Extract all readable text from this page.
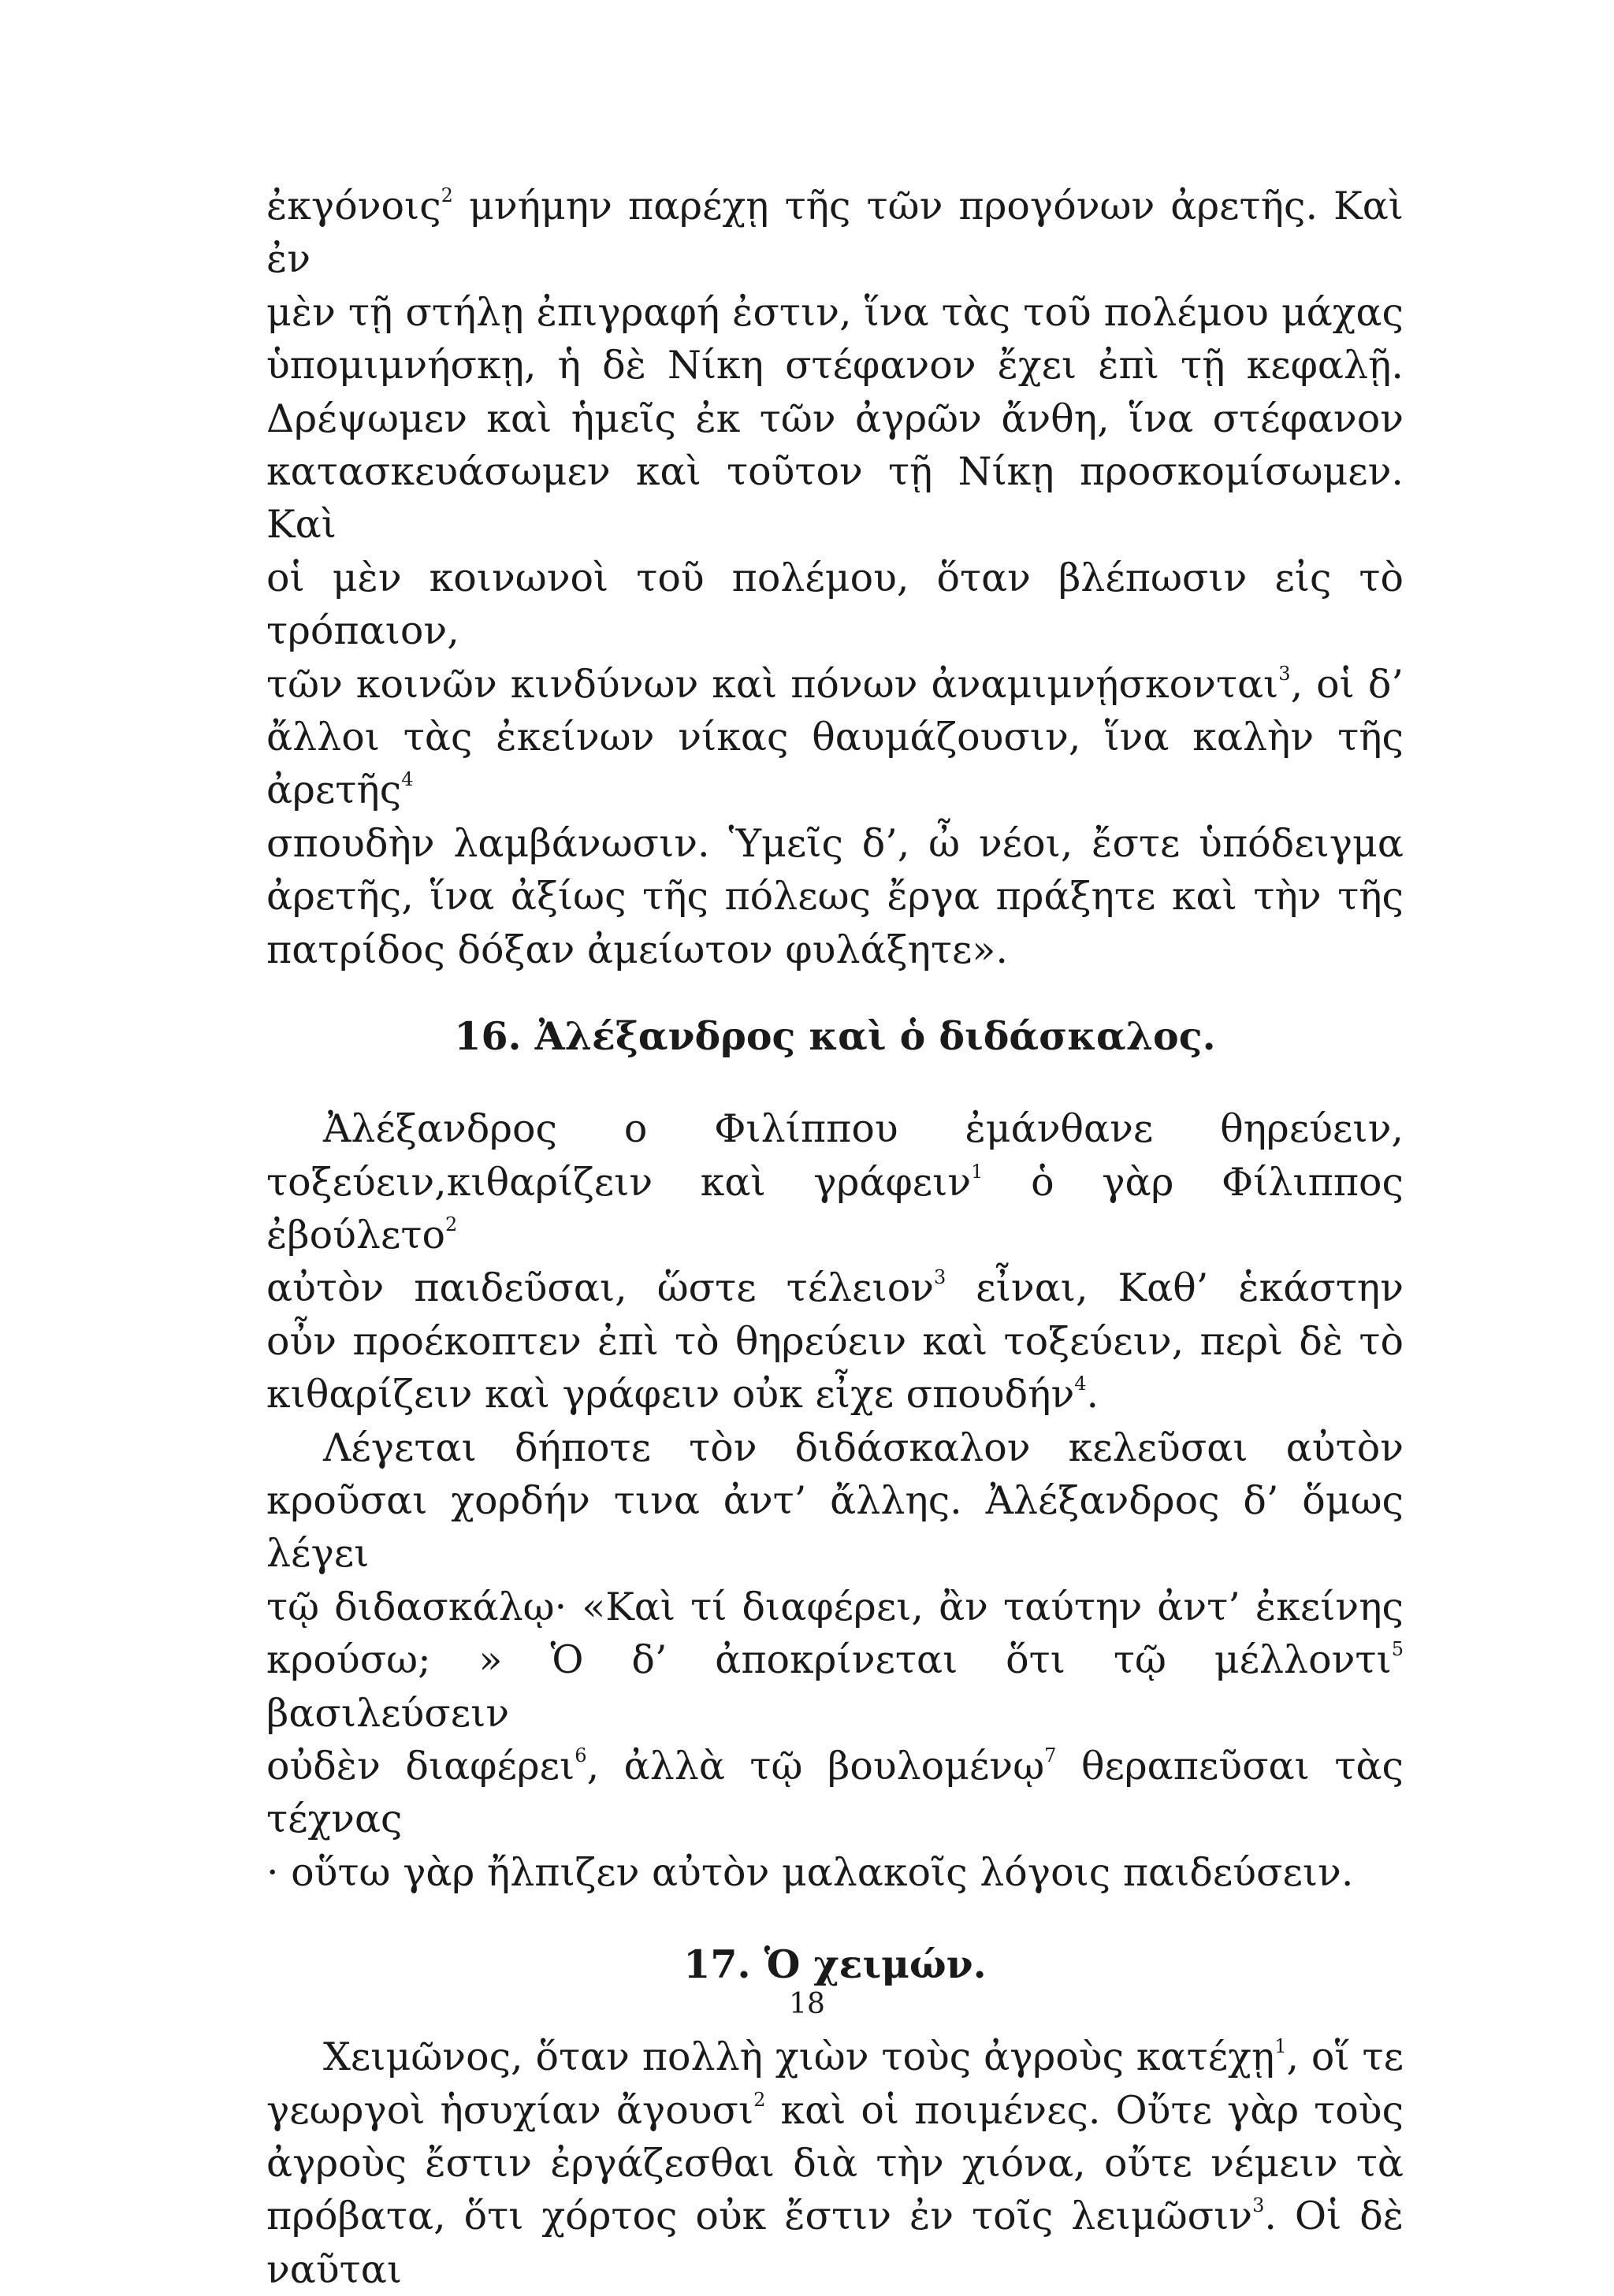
ἐκγόνοις$^2$ μνήμην παρέχῃ τῆς τῶν προγόνων ἀρετῆς. Καὶ ἐν

μὲν τῇ στήλῃ ἐπιγραφή ἐστιν, ἵνα τὰς τοῦ πολέμου μάχας

ὑπομιμνήσκῃ, ἡ δὲ Νίκη στέφανον ἔχει ἐπὶ τῇ κεφαλῇ.

Δρέψωμεν καὶ ἡμεῖς ἐκ τῶν ἀγρῶν ἄνθη, ἵνα στέφανον

κατασκευάσωμεν καὶ τοῦτον τῇ Νίκῃ προσκομίσωμεν. Καὶ

οἱ μὲν κοινωνοὶ τοῦ πολέμου, ὅταν βλέπωσιν εἰς τὸ τρόπαιον,

τῶν κοινῶν κινδύνων καὶ πόνων ἀναμιμνῄσκονται$^3$, οἱ δ’

ἄλλοι τὰς ἐκείνων νίκας θαυμάζουσιν, ἵνα καλὴν τῆς ἀρετῆς$^4$

σπουδὴν λαμβάνωσιν. Ὑμεῖς δ’, ὦ νέοι, ἔστε ὑπόδειγμα

ἀρετῆς, ἵνα ἀξίως τῆς πόλεως ἔργα πράξητε καὶ τὴν τῆς

πατρίδος δόξαν ἀμείωτον φυλάξητε».

16. Ἀλέξανδρος καὶ ὁ διδάσκαλος.

Ἀλέξανδρος ο Φιλίππου ἐμάνθανε θηρεύειν,

τοξεύειν,κιθαρίζειν καὶ γράφειν$^1$ ὁ γὰρ Φίλιππος ἐβούλετο$^2$

αὐτὸν παιδεῦσαι, ὥστε τέλειον$^3$ εἶναι, Καθ’ ἑκάστην

οὖν προέκοπτεν ἐπὶ τὸ θηρεύειν καὶ τοξεύειν, περὶ δὲ τὸ

κιθαρίζειν καὶ γράφειν οὐκ εἶχε σπουδήν$^4$.

Λέγεται δήποτε τὸν διδάσκαλον κελεῦσαι αὐτὸν

κροῦσαι χορδήν τινα ἀντ’ ἄλλης. Ἀλέξανδρος δ’ ὅμως λέγει

τῷ διδασκάλῳ· «Καὶ τί διαφέρει, ἂν ταύτην ἀντ’ ἐκείνης

κρούσω; » Ὁ δ’ ἀποκρίνεται ὅτι τῷ μέλλοντι$^5$ βασιλεύσειν

οὐδὲν διαφέρει$^6$, ἀλλὰ τῷ βουλομένῳ$^7$ θεραπεῦσαι τὰς τέχνας

· οὕτω γὰρ ἤλπιζεν αὐτὸν μαλακοῖς λόγοις παιδεύσειν.

17. Ὁ χειμών.

Χειμῶνος, ὅταν πολλὴ χιὼν τοὺς ἀγροὺς κατέχῃ$^1$, οἵ τε

γεωργοὶ ἡσυχίαν ἄγουσι$^2$ καὶ οἱ ποιμένες. Οὔτε γὰρ τοὺς

ἀγροὺς ἔστιν ἐργάζεσθαι διὰ τὴν χιόνα, οὔτε νέμειν τὰ

πρόβατα, ὅτι χόρτος οὐκ ἔστιν ἐν τοῖς λειμῶσιν$^3$. Οἱ δὲ ναῦται

18
